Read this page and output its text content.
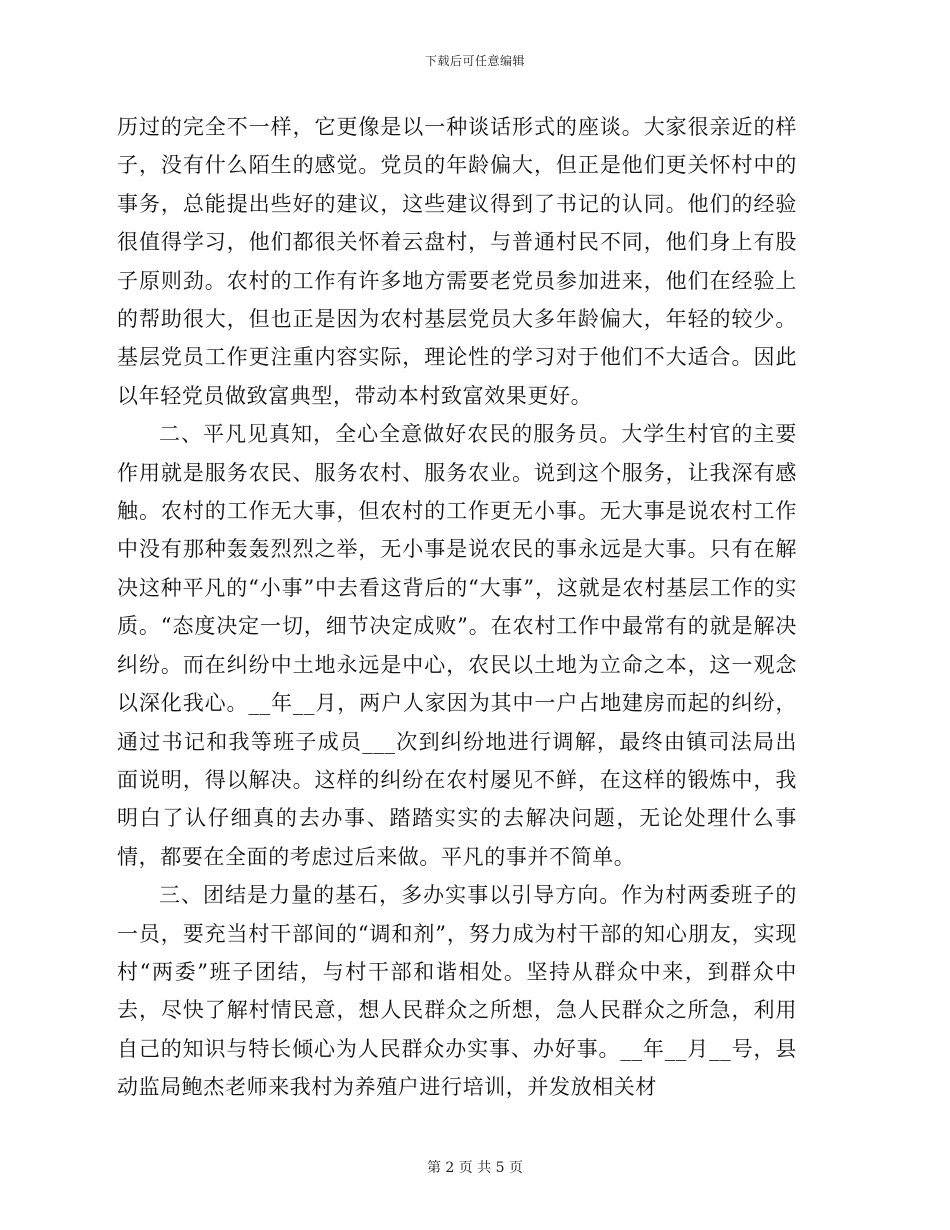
下载后可任意编辑

历过的完全不一样，它更像是以一种谈话形式的座谈。大家很亲近的样子，没有什么陌生的感觉。党员的年龄偏大，但正是他们更关怀村中的事务，总能提出些好的建议，这些建议得到了书记的认同。他们的经验很值得学习，他们都很关怀着云盘村，与普通村民不同，他们身上有股子原则劲。农村的工作有许多地方需要老党员参加进来，他们在经验上的帮助很大，但也正是因为农村基层党员大多年龄偏大，年轻的较少。基层党员工作更注重内容实际，理论性的学习对于他们不大适合。因此以年轻党员做致富典型，带动本村致富效果更好。

二、平凡见真知，全心全意做好农民的服务员。大学生村官的主要作用就是服务农民、服务农村、服务农业。说到这个服务，让我深有感触。农村的工作无大事，但农村的工作更无小事。无大事是说农村工作中没有那种轰轰烈烈之举，无小事是说农民的事永远是大事。只有在解决这种平凡的“小事”中去看这背后的“大事”，这就是农村基层工作的实质。“态度决定一切，细节决定成败”。在农村工作中最常有的就是解决纠纷。而在纠纷中土地永远是中心，农民以土地为立命之本，这一观念以深化我心。__年__月，两户人家因为其中一户占地建房而起的纠纷，通过书记和我等班子成员___次到纠纷地进行调解，最终由镇司法局出面说明，得以解决。这样的纠纷在农村屡见不鲜，在这样的锻炼中，我明白了认仔细真的去办事、踏踏实实的去解决问题，无论处理什么事情，都要在全面的考虑过后来做。平凡的事并不简单。

三、团结是力量的基石，多办实事以引导方向。作为村两委班子的一员，要充当村干部间的“调和剂”，努力成为村干部的知心朋友，实现村“两委”班子团结，与村干部和谐相处。坚持从群众中来，到群众中去，尽快了解村情民意，想人民群众之所想，急人民群众之所急，利用自己的知识与特长倾心为人民群众办实事、办好事。__年__月__号，县动监局鲍杰老师来我村为养殖户进行培训，并发放相关材

第 2 页 共 5 页
